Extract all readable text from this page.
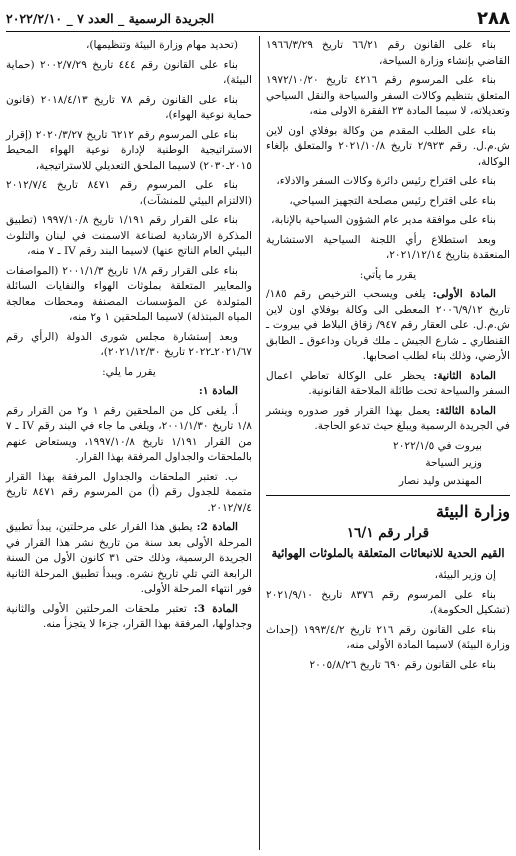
٢٨٨
الجريدة الرسمية _ العدد ٧ _ ٢٠٢٢/٢/١٠

بناء على القانون رقم ٦٦/٢١ تاريخ ١٩٦٦/٣/٢٩ القاضي بإنشاء وزارة السياحة،

بناء على المرسوم رقم ٤٢١٦ تاريخ ١٩٧٢/١٠/٢٠ المتعلق بتنظيم وكالات السفر والسياحة والنقل السياحي وتعديلاته، لا سيما المادة ٢٣ الفقرة الاولى منه،

بناء على الطلب المقدم من وكالة بوفلاي اون لاين ش.م.ل. رقم ٢/٩٢٣ تاريخ ٢٠٢١/١٠/٨ والمتعلق بإلغاء الوكالة،

بناء على اقتراح رئيس دائرة وكالات السفر والادلاء،

بناء على اقتراح رئيس مصلحة التجهيز السياحي،

بناء على موافقة مدير عام الشؤون السياحية بالإنابة،

وبعد استطلاع رأي اللجنة السياحية الاستشارية المنعقدة بتاريخ ٢٠٢١/١٢/١٤،

يقرر ما يأتي:

المادة الأولى: يلغى ويسحب الترخيص رقم ١٨٥/ تاريخ ٢٠٠٦/٩/١٢ المعطى الى وكالة بوفلاي اون لاين ش.م.ل. على العقار رقم ٩٤٧/ زقاق البلاط في بيروت ـ القنطاري ـ شارع الجيش ـ ملك قربان وداعوق ـ الطابق الأرضي، وذلك بناء لطلب اصحابها.

المادة الثانية: يحظر على الوكالة تعاطي اعمال السفر والسياحة تحت طائلة الملاحقة القانونية.

المادة الثالثة: يعمل بهذا القرار فور صدوره وينشر في الجريدة الرسمية ويبلغ حيث تدعو الحاجة.

بيروت في ٢٠٢٢/١/٥

وزير السياحة

المهندس وليد نصار

وزارة البيئة

قرار رقم ١٦/١

القيم الحدية للانبعاثات المتعلقة بالملوثات الهوائية

إن وزير البيئة،

بناء على المرسوم رقم ٨٣٧٦ تاريخ ٢٠٢١/٩/١٠ (تشكيل الحكومة)،

بناء على القانون رقم ٢١٦ تاريخ ١٩٩٣/٤/٢ (إحداث وزارة البيئة) لاسيما المادة الأولى منه،

بناء على القانون رقم ٦٩٠ تاريخ ٢٠٠٥/٨/٢٦

(تحديد مهام وزارة البيئة وتنظيمها)،

بناء على القانون رقم ٤٤٤ تاريخ ٢٠٠٢/٧/٢٩ (حماية البيئة)،

بناء على القانون رقم ٧٨ تاريخ ٢٠١٨/٤/١٣ (قانون حماية نوعية الهواء)،

بناء على المرسوم رقم ٦٢١٢ تاريخ ٢٠٢٠/٣/٢٧ (إقرار الاستراتيجية الوطنية لإدارة نوعية الهواء المحيط ٢٠١٥ـ٢٠٣٠) لاسيما الملحق التعديلي للاستراتيجية،

بناء على المرسوم رقم ٨٤٧١ تاريخ ٢٠١٢/٧/٤ (الالتزام البيئي للمنشآت)،

بناء على القرار رقم ١/١٩١ تاريخ ١٩٩٧/١٠/٨ (تطبيق المذكرة الارشادية لصناعة الاسمنت في لبنان والتلوث البيئي العام الناتج عنها) لاسيما البند رقم IV ـ ٧ منه،

بناء على القرار رقم ١/٨ تاريخ ٢٠٠١/١/٣ (المواصفات والمعايير المتعلقة بملوثات الهواء والنفايات السائلة المتولدة عن المؤسسات المصنفة ومحطات معالجة المياه المبتذلة) لاسيما الملحقين ١ و٢ منه،

وبعد إستشارة مجلس شورى الدولة (الرأي رقم ٢٠٢١/٦٧ـ٢٠٢٢ تاريخ ٢٠٢١/١٢/٣٠)،

يقرر ما يلي:

المادة ١:

أ. يلغى كل من الملحقين رقم ١ و٢ من القرار رقم ١/٨ تاريخ ٢٠٠١/١/٣٠، ويلغى ما جاء في البند رقم IV ـ ٧ من القرار ١/١٩١ تاريخ ١٩٩٧/١٠/٨، ويستعاض عنهم بالملحقات والجداول المرفقة بهذا القرار.

ب. تعتبر الملحقات والجداول المرفقة بهذا القرار متممة للجدول رقم (أ) من المرسوم رقم ٨٤٧١ تاريخ ٢٠١٢/٧/٤.

المادة 2: يطبق هذا القرار على مرحلتين، يبدأ تطبيق المرحلة الأولى بعد سنة من تاريخ نشر هذا القرار في الجريدة الرسمية، وذلك حتى ٣١ كانون الأول من السنة الرابعة التي تلي تاريخ نشره. ويبدأ تطبيق المرحلة الثانية فور انتهاء المرحلة الأولى.

المادة 3: تعتبر ملحقات المرحلتين الأولى والثانية وجداولها، المرفقة بهذا القرار، جزءا لا يتجزأ منه.
